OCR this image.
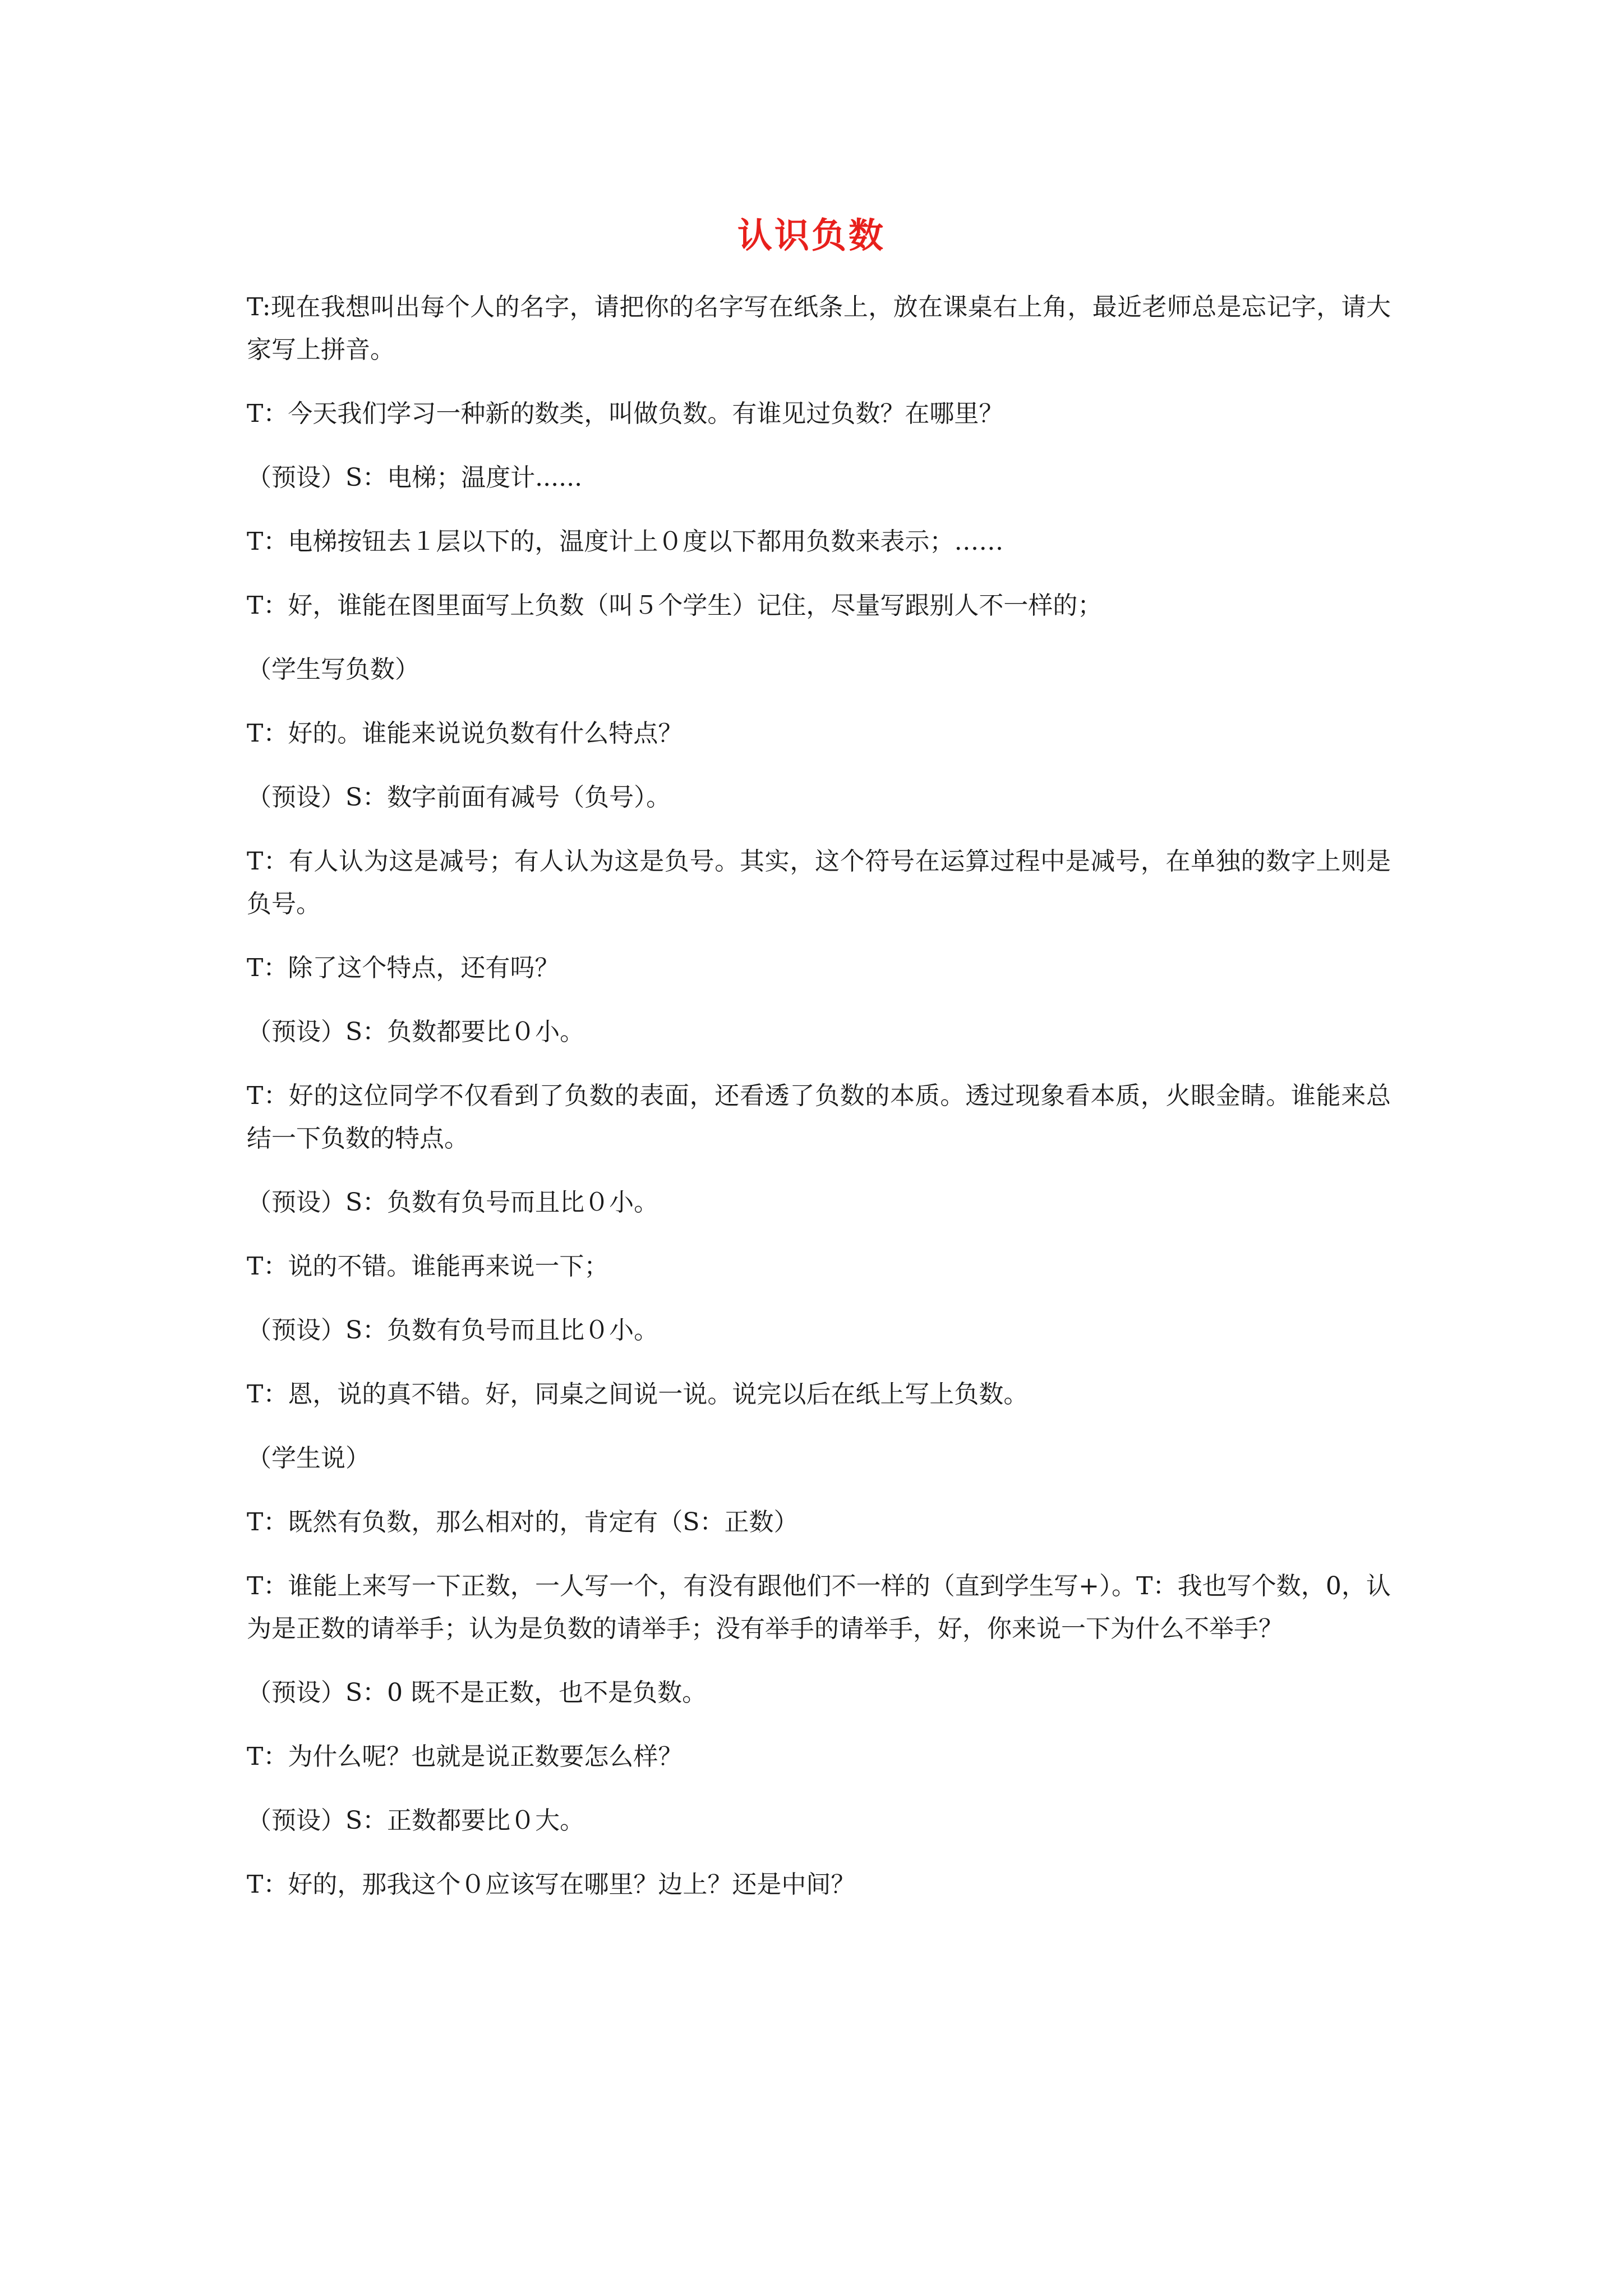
认识负数

T:现在我想叫出每个人的名字，请把你的名字写在纸条上，放在课桌右上角，最近老师总是忘记字，请大家写上拼音。

T：今天我们学习一种新的数类，叫做负数。有谁见过负数？在哪里？

（预设）S：电梯；温度计......

T：电梯按钮去１层以下的，温度计上０度以下都用负数来表示；……

T：好，谁能在图里面写上负数（叫５个学生）记住，尽量写跟别人不一样的；

（学生写负数）

T：好的。谁能来说说负数有什么特点？

（预设）S：数字前面有减号（负号）。

T：有人认为这是减号；有人认为这是负号。其实，这个符号在运算过程中是减号，在单独的数字上则是负号。

T：除了这个特点，还有吗？

（预设）S：负数都要比０小。

T：好的这位同学不仅看到了负数的表面，还看透了负数的本质。透过现象看本质，火眼金睛。谁能来总结一下负数的特点。

（预设）S：负数有负号而且比０小。

T：说的不错。谁能再来说一下；

（预设）S：负数有负号而且比０小。

T：恩，说的真不错。好，同桌之间说一说。说完以后在纸上写上负数。

（学生说）

T：既然有负数，那么相对的，肯定有（S：正数）

T：谁能上来写一下正数，一人写一个，有没有跟他们不一样的（直到学生写+）。T：我也写个数，0，认为是正数的请举手；认为是负数的请举手；没有举手的请举手，好，你来说一下为什么不举手？

（预设）S：0 既不是正数，也不是负数。

T：为什么呢？也就是说正数要怎么样？

（预设）S：正数都要比０大。

T：好的，那我这个０应该写在哪里？边上？还是中间？
